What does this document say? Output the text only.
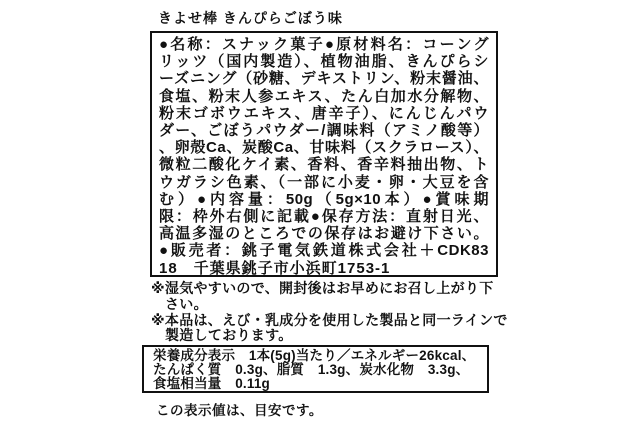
きよせ棒 きんぴらごぼう味
●名称：スナック菓子●原材料名：コーング
リッツ（国内製造）、植物油脂、きんぴらシ
ーズニング（砂糖、デキストリン、粉末醤油、
食塩、粉末人参エキス、たん白加水分解物、
粉末ゴボウエキス、唐辛子）、にんじんパウ
ダー、ごぼうパウダー/調味料（アミノ酸等）
、卵殻Ca、炭酸Ca、甘味料（スクラロース）、
微粒二酸化ケイ素、香料、香辛料抽出物、ト
ウガラシ色素、（一部に小麦・卵・大豆を含
む）●内容量：50g（5g×10本）●賞味期
限：枠外右側に記載●保存方法：直射日光、
高温多湿のところでの保存はお避け下さい。
●販売者：銚子電気鉄道株式会社＋CDK83
18　千葉県銚子市小浜町1753-1
※湿気やすいので、開封後はお早めにお召し上がり下
さい。
※本品は、えび・乳成分を使用した製品と同一ラインで
製造しております。
栄養成分表示　1本(5g)当たり／エネルギー26kcal、
たんぱく質　0.3g、脂質　1.3g、炭水化物　3.3g、
食塩相当量　0.11g
この表示値は、目安です。
